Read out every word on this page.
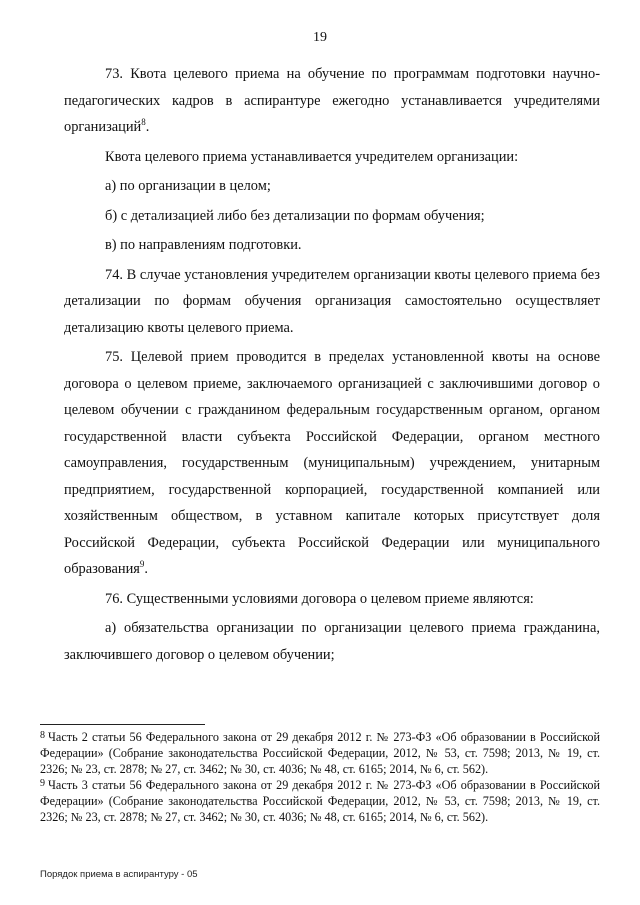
19

73. Квота целевого приема на обучение по программам подготовки научно-педагогических кадров в аспирантуре ежегодно устанавливается учредителями организаций$^8$.

Квота целевого приема устанавливается учредителем организации:

а) по организации в целом;

б) с детализацией либо без детализации по формам обучения;

в) по направлениям подготовки.

74. В случае установления учредителем организации квоты целевого приема без детализации по формам обучения организация самостоятельно осуществляет детализацию квоты целевого приема.

75. Целевой прием проводится в пределах установленной квоты на основе договора о целевом приеме, заключаемого организацией с заключившими договор о целевом обучении с гражданином федеральным государственным органом, органом государственной власти субъекта Российской Федерации, органом местного самоуправления, государственным (муниципальным) учреждением, унитарным предприятием, государственной корпорацией, государственной компанией или хозяйственным обществом, в уставном капитале которых присутствует доля Российской Федерации, субъекта Российской Федерации или муниципального образования$^9$.

76. Существенными условиями договора о целевом приеме являются:

а) обязательства организации по организации целевого приема гражданина, заключившего договор о целевом обучении;

$^8$ Часть 2 статьи 56 Федерального закона от 29 декабря 2012 г. № 273-ФЗ «Об образовании в Российской Федерации» (Собрание законодательства Российской Федерации, 2012, № 53, ст. 7598; 2013, № 19, ст. 2326; № 23, ст. 2878; № 27, ст. 3462; № 30, ст. 4036; № 48, ст. 6165; 2014, № 6, ст. 562).

$^9$ Часть 3 статьи 56 Федерального закона от 29 декабря 2012 г. № 273-ФЗ «Об образовании в Российской Федерации» (Собрание законодательства Российской Федерации, 2012, № 53, ст. 7598; 2013, № 19, ст. 2326; № 23, ст. 2878; № 27, ст. 3462; № 30, ст. 4036; № 48, ст. 6165; 2014, № 6, ст. 562).

Порядок приема в аспирантуру - 05
